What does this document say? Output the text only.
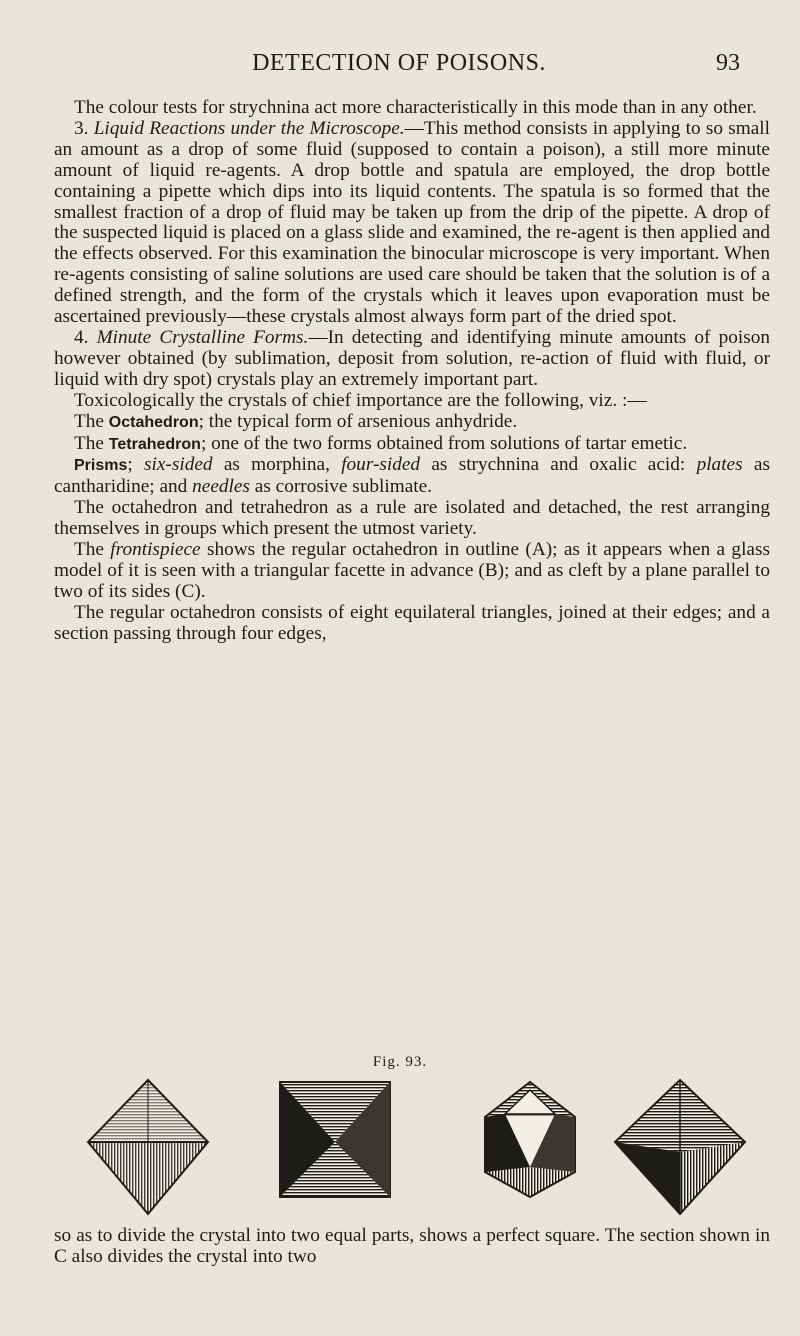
DETECTION OF POISONS.	93

The colour tests for strychnina act more characteristically in this mode than in any other.

3. Liquid Reactions under the Microscope.—This method consists in applying to so small an amount as a drop of some fluid (supposed to contain a poison), a still more minute amount of liquid re-agents. A drop bottle and spatula are employed, the drop bottle containing a pipette which dips into its liquid contents. The spatula is so formed that the smallest fraction of a drop of fluid may be taken up from the drip of the pipette. A drop of the suspected liquid is placed on a glass slide and examined, the re-agent is then applied and the effects observed. For this examination the binocular microscope is very important. When re-agents consisting of saline solutions are used care should be taken that the solution is of a defined strength, and the form of the crystals which it leaves upon evaporation must be ascertained previously—these crystals almost always form part of the dried spot.

4. Minute Crystalline Forms.—In detecting and identifying minute amounts of poison however obtained (by sublimation, deposit from solution, re-action of fluid with fluid, or liquid with dry spot) crystals play an extremely important part.

Toxicologically the crystals of chief importance are the following, viz. :—

The Octahedron; the typical form of arsenious anhydride.

The Tetrahedron; one of the two forms obtained from solutions of tartar emetic.

Prisms; six-sided as morphina, four-sided as strychnina and oxalic acid: plates as cantharidine; and needles as corrosive sublimate.

The octahedron and tetrahedron as a rule are isolated and detached, the rest arranging themselves in groups which present the utmost variety.

The frontispiece shows the regular octahedron in outline (A); as it appears when a glass model of it is seen with a triangular facette in advance (B); and as cleft by a plane parallel to two of its sides (C).

The regular octahedron consists of eight equilateral triangles, joined at their edges; and a section passing through four edges,

Fig. 93.

so as to divide the crystal into two equal parts, shows a perfect square. The section shown in C also divides the crystal into two
